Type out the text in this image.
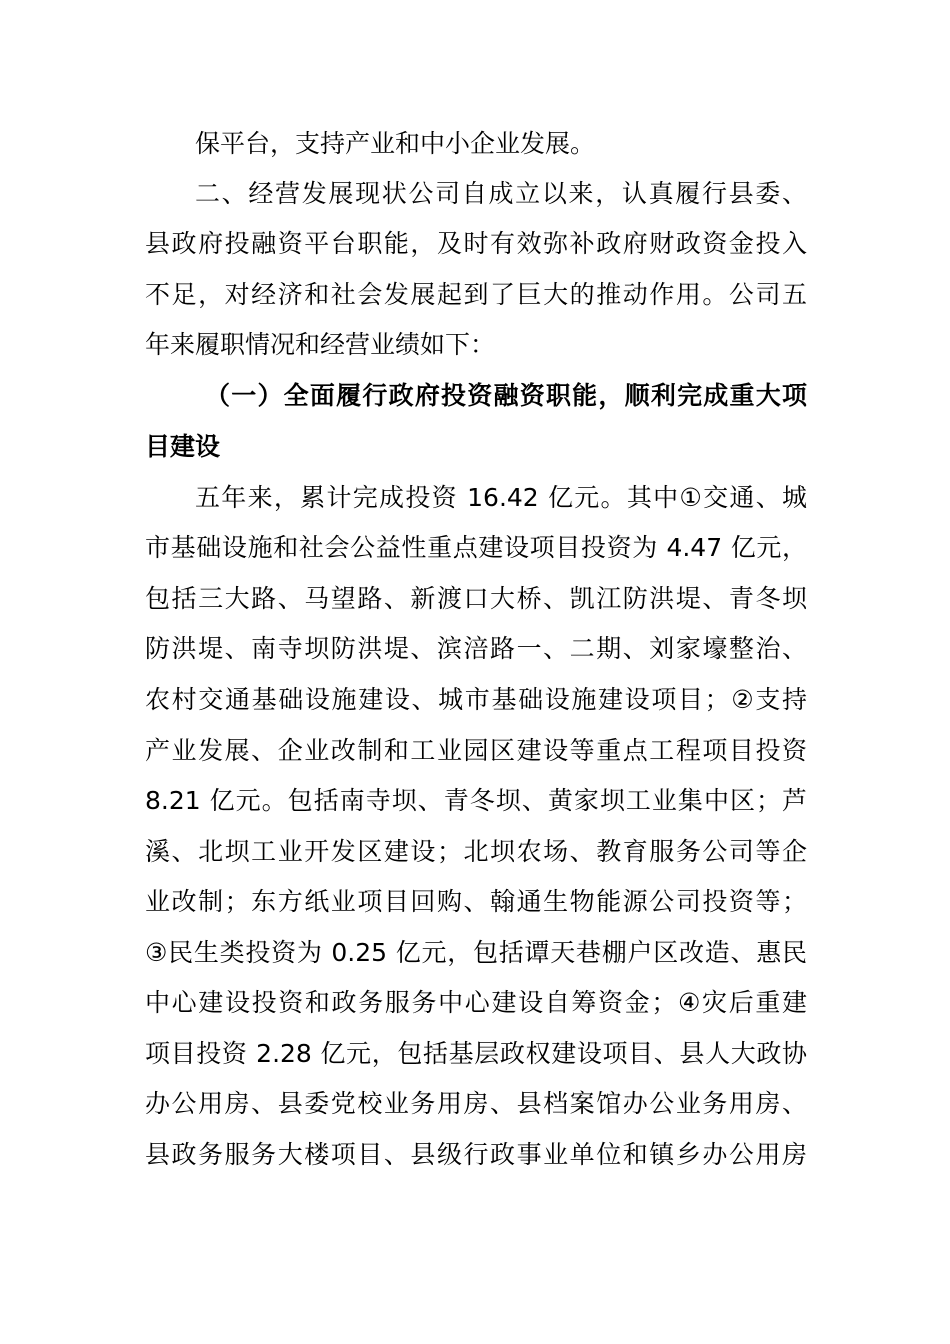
保平台，支持产业和中小企业发展。
二、经营发展现状公司自成立以来，认真履行县委、
县政府投融资平台职能，及时有效弥补政府财政资金投入
不足，对经济和社会发展起到了巨大的推动作用。公司五
年来履职情况和经营业绩如下：
（一）全面履行政府投资融资职能，顺利完成重大项
目建设
五年来，累计完成投资 16.42 亿元。其中①交通、城
市基础设施和社会公益性重点建设项目投资为 4.47 亿元，
包括三大路、马望路、新渡口大桥、凯江防洪堤、青冬坝
防洪堤、南寺坝防洪堤、滨涪路一、二期、刘家壕整治、
农村交通基础设施建设、城市基础设施建设项目；②支持
产业发展、企业改制和工业园区建设等重点工程项目投资
8.21 亿元。包括南寺坝、青冬坝、黄家坝工业集中区；芦
溪、北坝工业开发区建设；北坝农场、教育服务公司等企
业改制；东方纸业项目回购、翰通生物能源公司投资等；
③民生类投资为 0.25 亿元，包括谭天巷棚户区改造、惠民
中心建设投资和政务服务中心建设自筹资金；④灾后重建
项目投资 2.28 亿元，包括基层政权建设项目、县人大政协
办公用房、县委党校业务用房、县档案馆办公业务用房、
县政务服务大楼项目、县级行政事业单位和镇乡办公用房
